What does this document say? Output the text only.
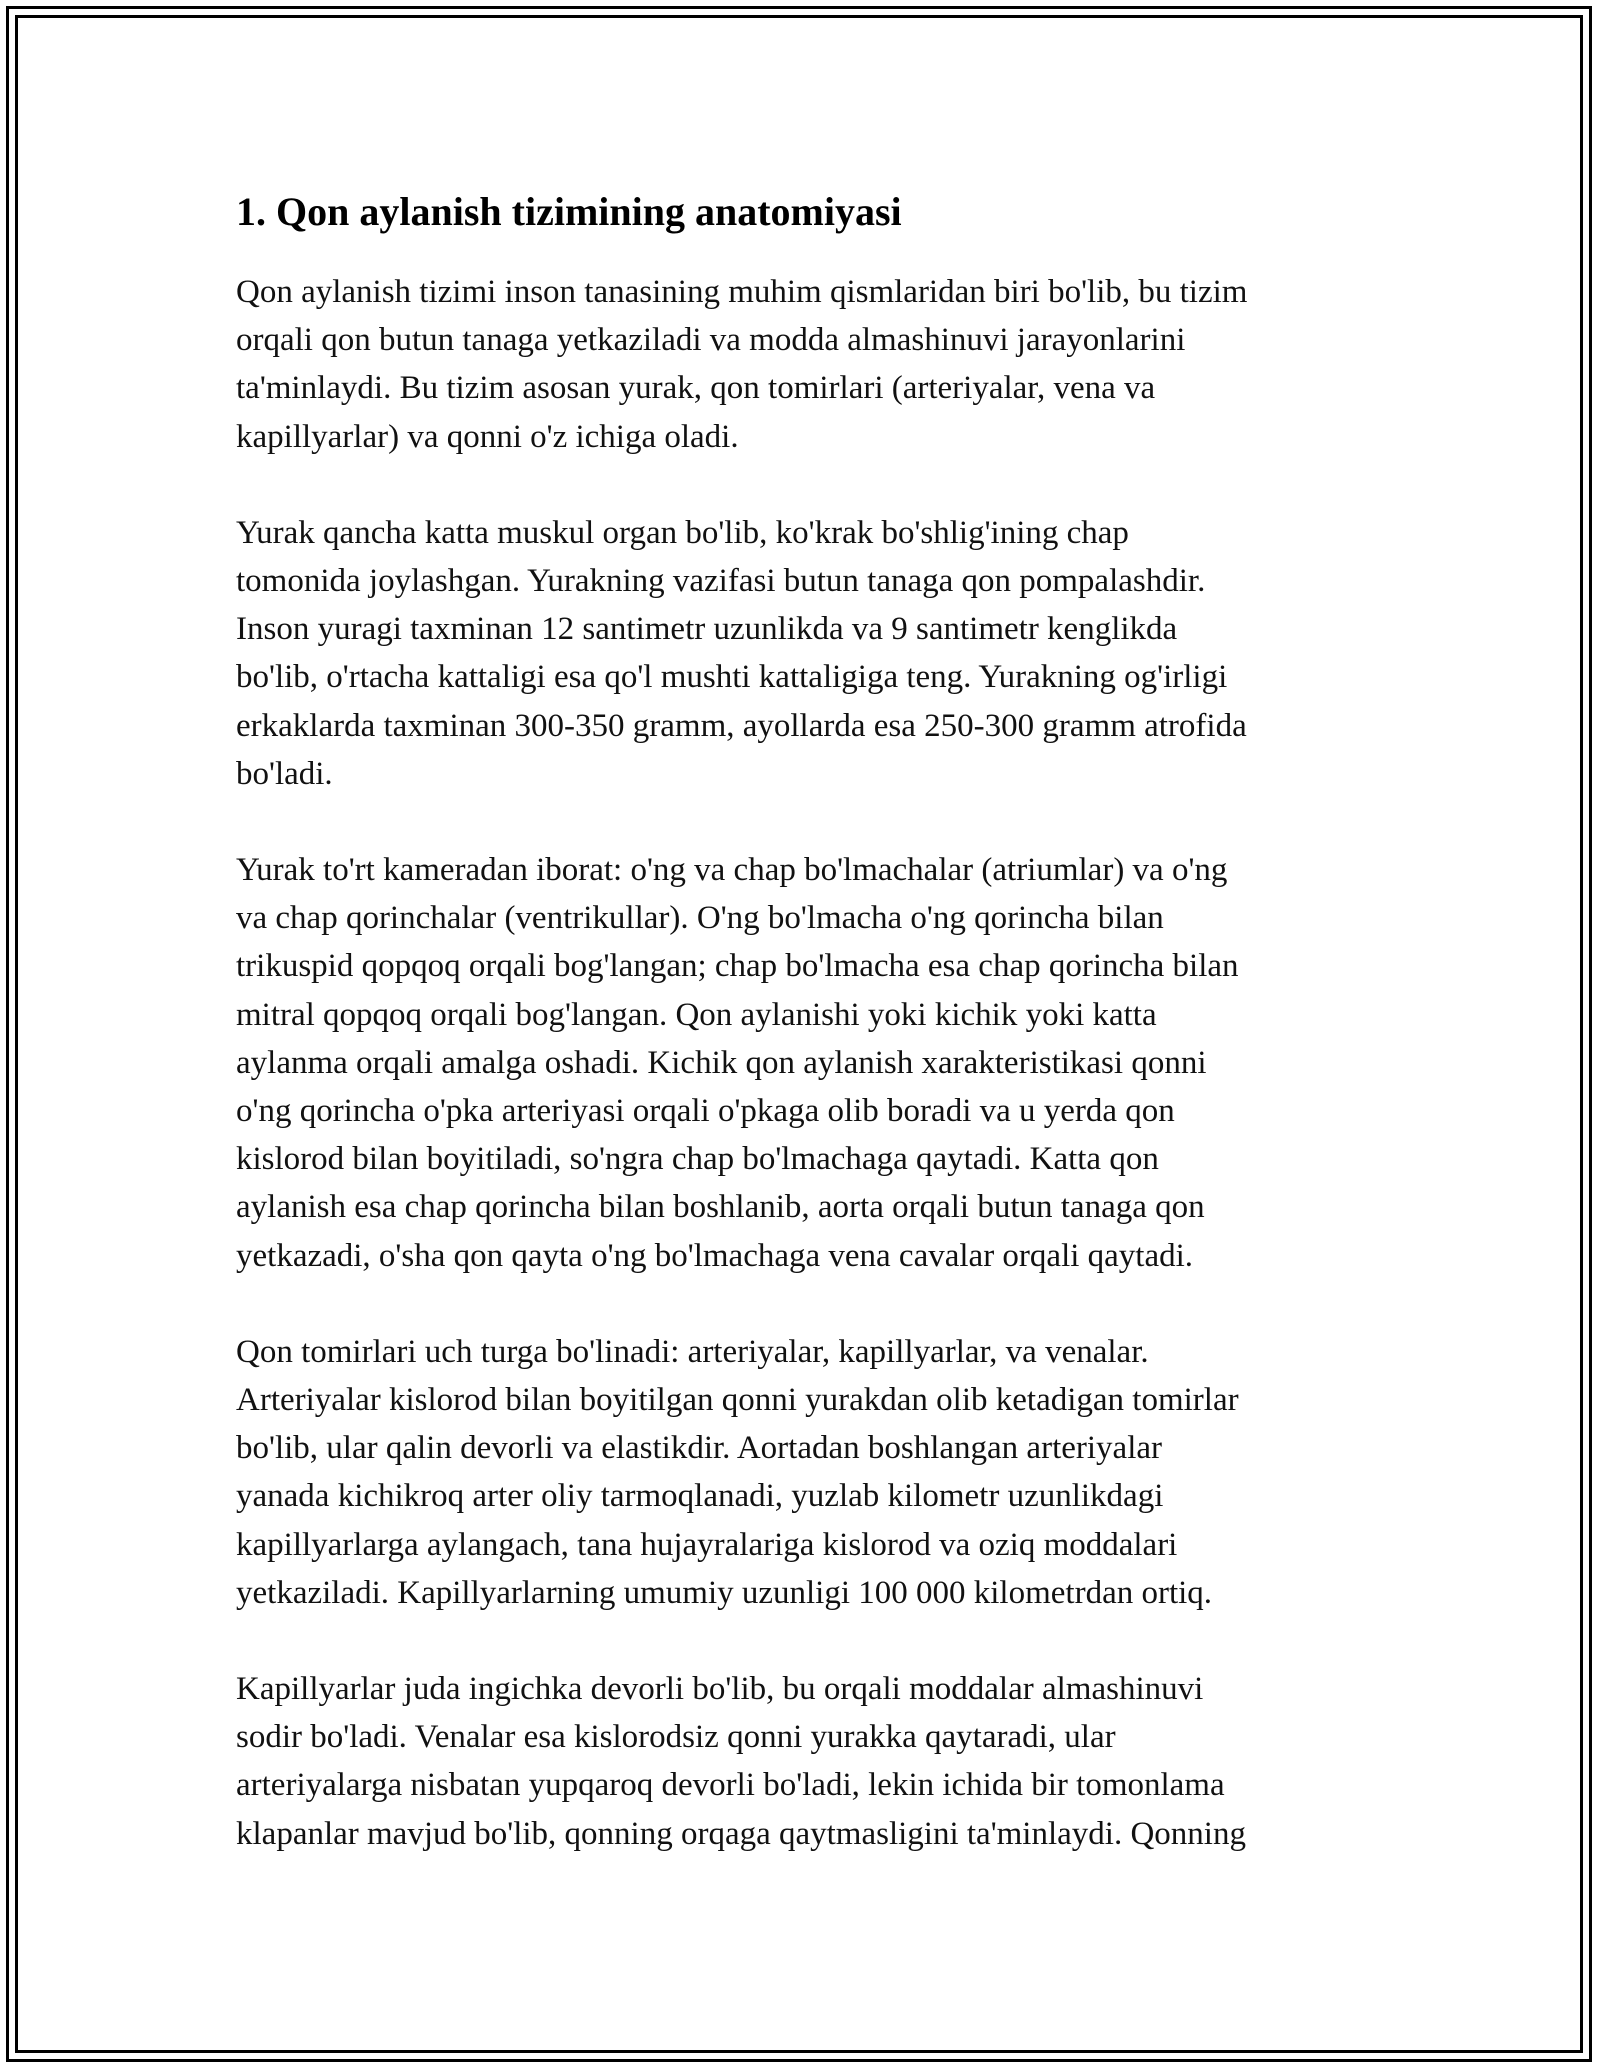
1. Qon aylanish tizimining anatomiyasi

Qon aylanish tizimi inson tanasining muhim qismlaridan biri bo'lib, bu tizim
orqali qon butun tanaga yetkaziladi va modda almashinuvi jarayonlarini
ta'minlaydi. Bu tizim asosan yurak, qon tomirlari (arteriyalar, vena va
kapillyarlar) va qonni o'z ichiga oladi.

Yurak qancha katta muskul organ bo'lib, ko'krak bo'shlig'ining chap
tomonida joylashgan. Yurakning vazifasi butun tanaga qon pompalashdir.
Inson yuragi taxminan 12 santimetr uzunlikda va 9 santimetr kenglikda
bo'lib, o'rtacha kattaligi esa qo'l mushti kattaligiga teng. Yurakning og'irligi
erkaklarda taxminan 300-350 gramm, ayollarda esa 250-300 gramm atrofida
bo'ladi.

Yurak to'rt kameradan iborat: o'ng va chap bo'lmachalar (atriumlar) va o'ng
va chap qorinchalar (ventrikullar). O'ng bo'lmacha o'ng qorincha bilan
trikuspid qopqoq orqali bog'langan; chap bo'lmacha esa chap qorincha bilan
mitral qopqoq orqali bog'langan. Qon aylanishi yoki kichik yoki katta
aylanma orqali amalga oshadi. Kichik qon aylanish xarakteristikasi qonni
o'ng qorincha o'pka arteriyasi orqali o'pkaga olib boradi va u yerda qon
kislorod bilan boyitiladi, so'ngra chap bo'lmachaga qaytadi. Katta qon
aylanish esa chap qorincha bilan boshlanib, aorta orqali butun tanaga qon
yetkazadi, o'sha qon qayta o'ng bo'lmachaga vena cavalar orqali qaytadi.

Qon tomirlari uch turga bo'linadi: arteriyalar, kapillyarlar, va venalar.
Arteriyalar kislorod bilan boyitilgan qonni yurakdan olib ketadigan tomirlar
bo'lib, ular qalin devorli va elastikdir. Aortadan boshlangan arteriyalar
yanada kichikroq arter oliy tarmoqlanadi, yuzlab kilometr uzunlikdagi
kapillyarlarga aylangach, tana hujayralariga kislorod va oziq moddalari
yetkaziladi. Kapillyarlarning umumiy uzunligi 100 000 kilometrdan ortiq.

Kapillyarlar juda ingichka devorli bo'lib, bu orqali moddalar almashinuvi
sodir bo'ladi. Venalar esa kislorodsiz qonni yurakka qaytaradi, ular
arteriyalarga nisbatan yupqaroq devorli bo'ladi, lekin ichida bir tomonlama
klapanlar mavjud bo'lib, qonning orqaga qaytmasligini ta'minlaydi. Qonning
